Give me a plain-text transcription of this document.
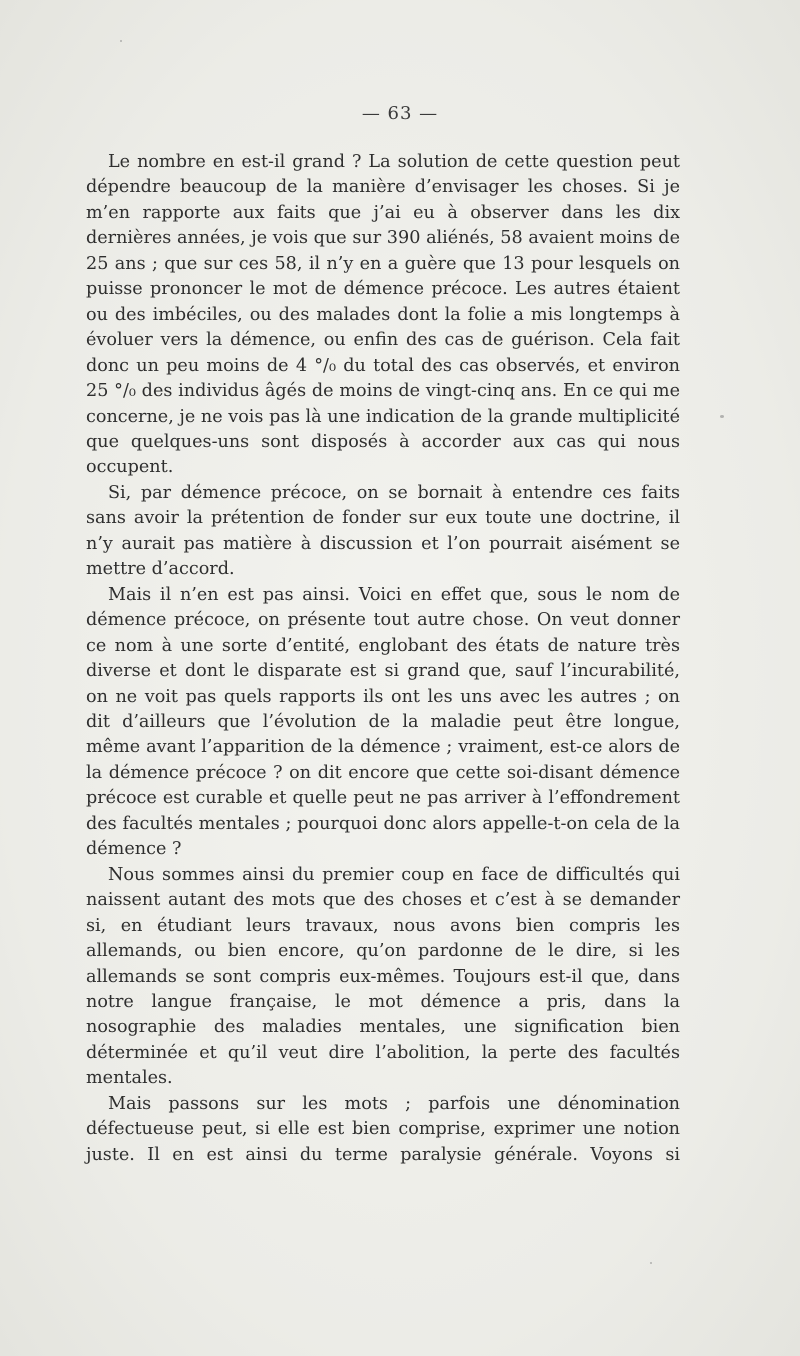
— 63 —

Le nombre en est-il grand ? La solution de cette question peut dépendre beaucoup de la manière d’envisager les choses. Si je m’en rapporte aux faits que j’ai eu à observer dans les dix dernières années, je vois que sur 390 aliénés, 58 avaient moins de 25 ans ; que sur ces 58, il n’y en a guère que 13 pour lesquels on puisse prononcer le mot de démence précoce. Les autres étaient ou des imbéciles, ou des malades dont la folie a mis longtemps à évoluer vers la démence, ou enfin des cas de guérison. Cela fait donc un peu moins de 4 °/₀ du total des cas observés, et environ 25 °/₀ des individus âgés de moins de vingt-cinq ans. En ce qui me concerne, je ne vois pas là une indication de la grande multiplicité que quelques-uns sont disposés à accorder aux cas qui nous occupent.

Si, par démence précoce, on se bornait à entendre ces faits sans avoir la prétention de fonder sur eux toute une doctrine, il n’y aurait pas matière à discussion et l’on pourrait aisément se mettre d’accord.

Mais il n’en est pas ainsi. Voici en effet que, sous le nom de démence précoce, on présente tout autre chose. On veut donner ce nom à une sorte d’entité, englobant des états de nature très diverse et dont le disparate est si grand que, sauf l’incurabilité, on ne voit pas quels rapports ils ont les uns avec les autres ; on dit d’ailleurs que l’évolution de la maladie peut être longue, même avant l’apparition de la démence ; vraiment, est-ce alors de la démence précoce ? on dit encore que cette soi-disant démence précoce est curable et quelle peut ne pas arriver à l’effondrement des facultés mentales ; pourquoi donc alors appelle-t-on cela de la démence ?

Nous sommes ainsi du premier coup en face de difficultés qui naissent autant des mots que des choses et c’est à se demander si, en étudiant leurs travaux, nous avons bien compris les allemands, ou bien encore, qu’on pardonne de le dire, si les allemands se sont compris eux-mêmes. Toujours est-il que, dans notre langue française, le mot démence a pris, dans la nosographie des maladies mentales, une signification bien déterminée et qu’il veut dire l’abolition, la perte des facultés mentales.

Mais passons sur les mots ; parfois une dénomination défectueuse peut, si elle est bien comprise, exprimer une notion juste. Il en est ainsi du terme paralysie générale. Voyons si
